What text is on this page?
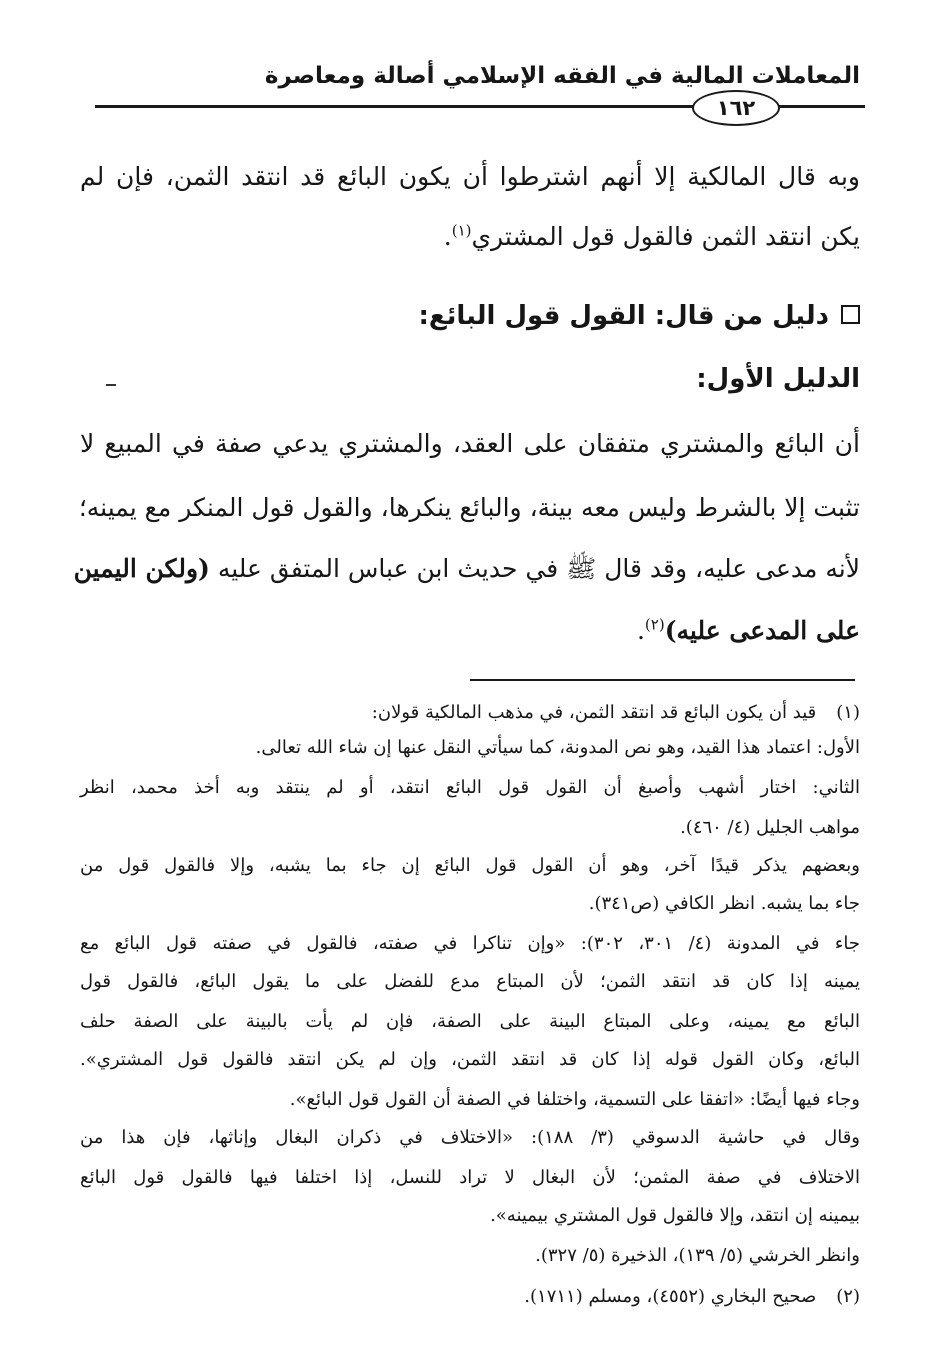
المعاملات المالية في الفقه الإسلامي أصالة ومعاصرة
١٦٢
وبه قال المالكية إلا أنهم اشترطوا أن يكون البائع قد انتقد الثمن، فإن لم
يكن انتقد الثمن فالقول قول المشتري$^{(١)}$.
دليل من قال: القول قول البائع:
الدليل الأول:
أن البائع والمشتري متفقان على العقد، والمشتري يدعي صفة في المبيع لا
تثبت إلا بالشرط وليس معه بينة، والبائع ينكرها، والقول قول المنكر مع يمينه؛
لأنه مدعى عليه، وقد قال ﷺ في حديث ابن عباس المتفق عليه (ولكن اليمين
على المدعى عليه)$^{(٢)}$.
(١) قيد أن يكون البائع قد انتقد الثمن، في مذهب المالكية قولان:
الأول: اعتماد هذا القيد، وهو نص المدونة، كما سيأتي النقل عنها إن شاء الله تعالى.
الثاني: اختار أشهب وأصبغ أن القول قول البائع انتقد، أو لم ينتقد وبه أخذ محمد، انظر
مواهب الجليل (٤/ ٤٦٠).
وبعضهم يذكر قيدًا آخر، وهو أن القول قول البائع إن جاء بما يشبه، وإلا فالقول قول من
جاء بما يشبه. انظر الكافي (ص٣٤١).
جاء في المدونة (٤/ ٣٠١، ٣٠٢): «وإن تناكرا في صفته، فالقول في صفته قول البائع مع
يمينه إذا كان قد انتقد الثمن؛ لأن المبتاع مدع للفضل على ما يقول البائع، فالقول قول
البائع مع يمينه، وعلى المبتاع البينة على الصفة، فإن لم يأت بالبينة على الصفة حلف
البائع، وكان القول قوله إذا كان قد انتقد الثمن، وإن لم يكن انتقد فالقول قول المشتري».
وجاء فيها أيضًا: «اتفقا على التسمية، واختلفا في الصفة أن القول قول البائع».
وقال في حاشية الدسوقي (٣/ ١٨٨): «الاختلاف في ذكران البغال وإناثها، فإن هذا من
الاختلاف في صفة المثمن؛ لأن البغال لا تراد للنسل، إذا اختلفا فيها فالقول قول البائع
بيمينه إن انتقد، وإلا فالقول قول المشتري بيمينه».
وانظر الخرشي (٥/ ١٣٩)، الذخيرة (٥/ ٣٢٧).
(٢) صحيح البخاري (٤٥٥٢)، ومسلم (١٧١١).
